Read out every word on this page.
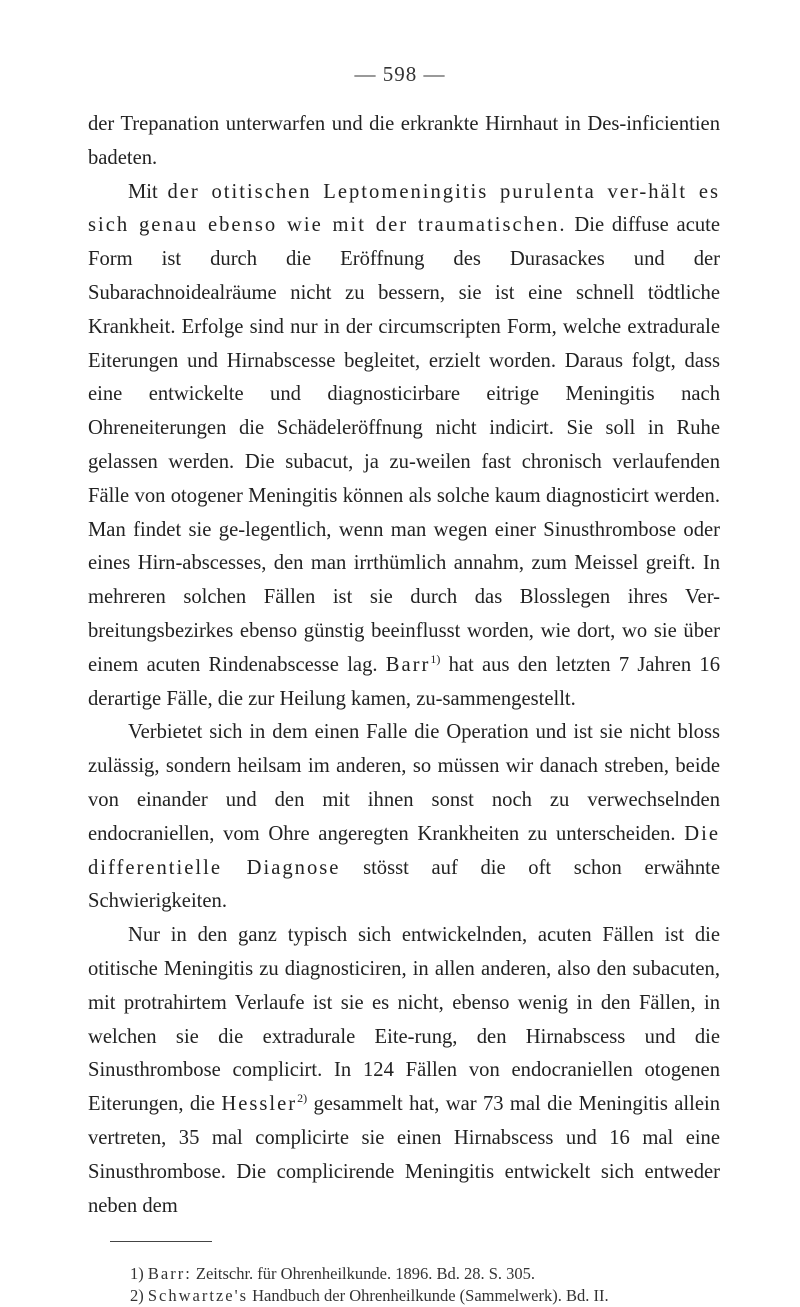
— 598 —

der Trepanation unterwarfen und die erkrankte Hirnhaut in Des-inficientien badeten.

Mit der otitischen Leptomeningitis purulenta ver-hält es sich genau ebenso wie mit der traumatischen. Die diffuse acute Form ist durch die Eröffnung des Durasackes und der Subarachnoidealräume nicht zu bessern, sie ist eine schnell tödtliche Krankheit. Erfolge sind nur in der circumscripten Form, welche extradurale Eiterungen und Hirnabscesse begleitet, erzielt worden. Daraus folgt, dass eine entwickelte und diagnosticirbare eitrige Meningitis nach Ohreneiterungen die Schädeleröffnung nicht indicirt. Sie soll in Ruhe gelassen werden. Die subacut, ja zu-weilen fast chronisch verlaufenden Fälle von otogener Meningitis können als solche kaum diagnosticirt werden. Man findet sie ge-legentlich, wenn man wegen einer Sinusthrombose oder eines Hirn-abscesses, den man irrthümlich annahm, zum Meissel greift. In mehreren solchen Fällen ist sie durch das Blosslegen ihres Ver-breitungsbezirkes ebenso günstig beeinflusst worden, wie dort, wo sie über einem acuten Rindenabscesse lag. Barr$^{1)}$ hat aus den letzten 7 Jahren 16 derartige Fälle, die zur Heilung kamen, zu-sammengestellt.

Verbietet sich in dem einen Falle die Operation und ist sie nicht bloss zulässig, sondern heilsam im anderen, so müssen wir danach streben, beide von einander und den mit ihnen sonst noch zu verwechselnden endocraniellen, vom Ohre angeregten Krankheiten zu unterscheiden. Die differentielle Diagnose stösst auf die oft schon erwähnte Schwierigkeiten.

Nur in den ganz typisch sich entwickelnden, acuten Fällen ist die otitische Meningitis zu diagnosticiren, in allen anderen, also den subacuten, mit protrahirtem Verlaufe ist sie es nicht, ebenso wenig in den Fällen, in welchen sie die extradurale Eite-rung, den Hirnabscess und die Sinusthrombose complicirt. In 124 Fällen von endocraniellen otogenen Eiterungen, die Hessler$^{2)}$ gesammelt hat, war 73 mal die Meningitis allein vertreten, 35 mal complicirte sie einen Hirnabscess und 16 mal eine Sinusthrombose. Die complicirende Meningitis entwickelt sich entweder neben dem

1) Barr: Zeitschr. für Ohrenheilkunde. 1896. Bd. 28. S. 305.

2) Schwartze's Handbuch der Ohrenheilkunde (Sammelwerk). Bd. II.
